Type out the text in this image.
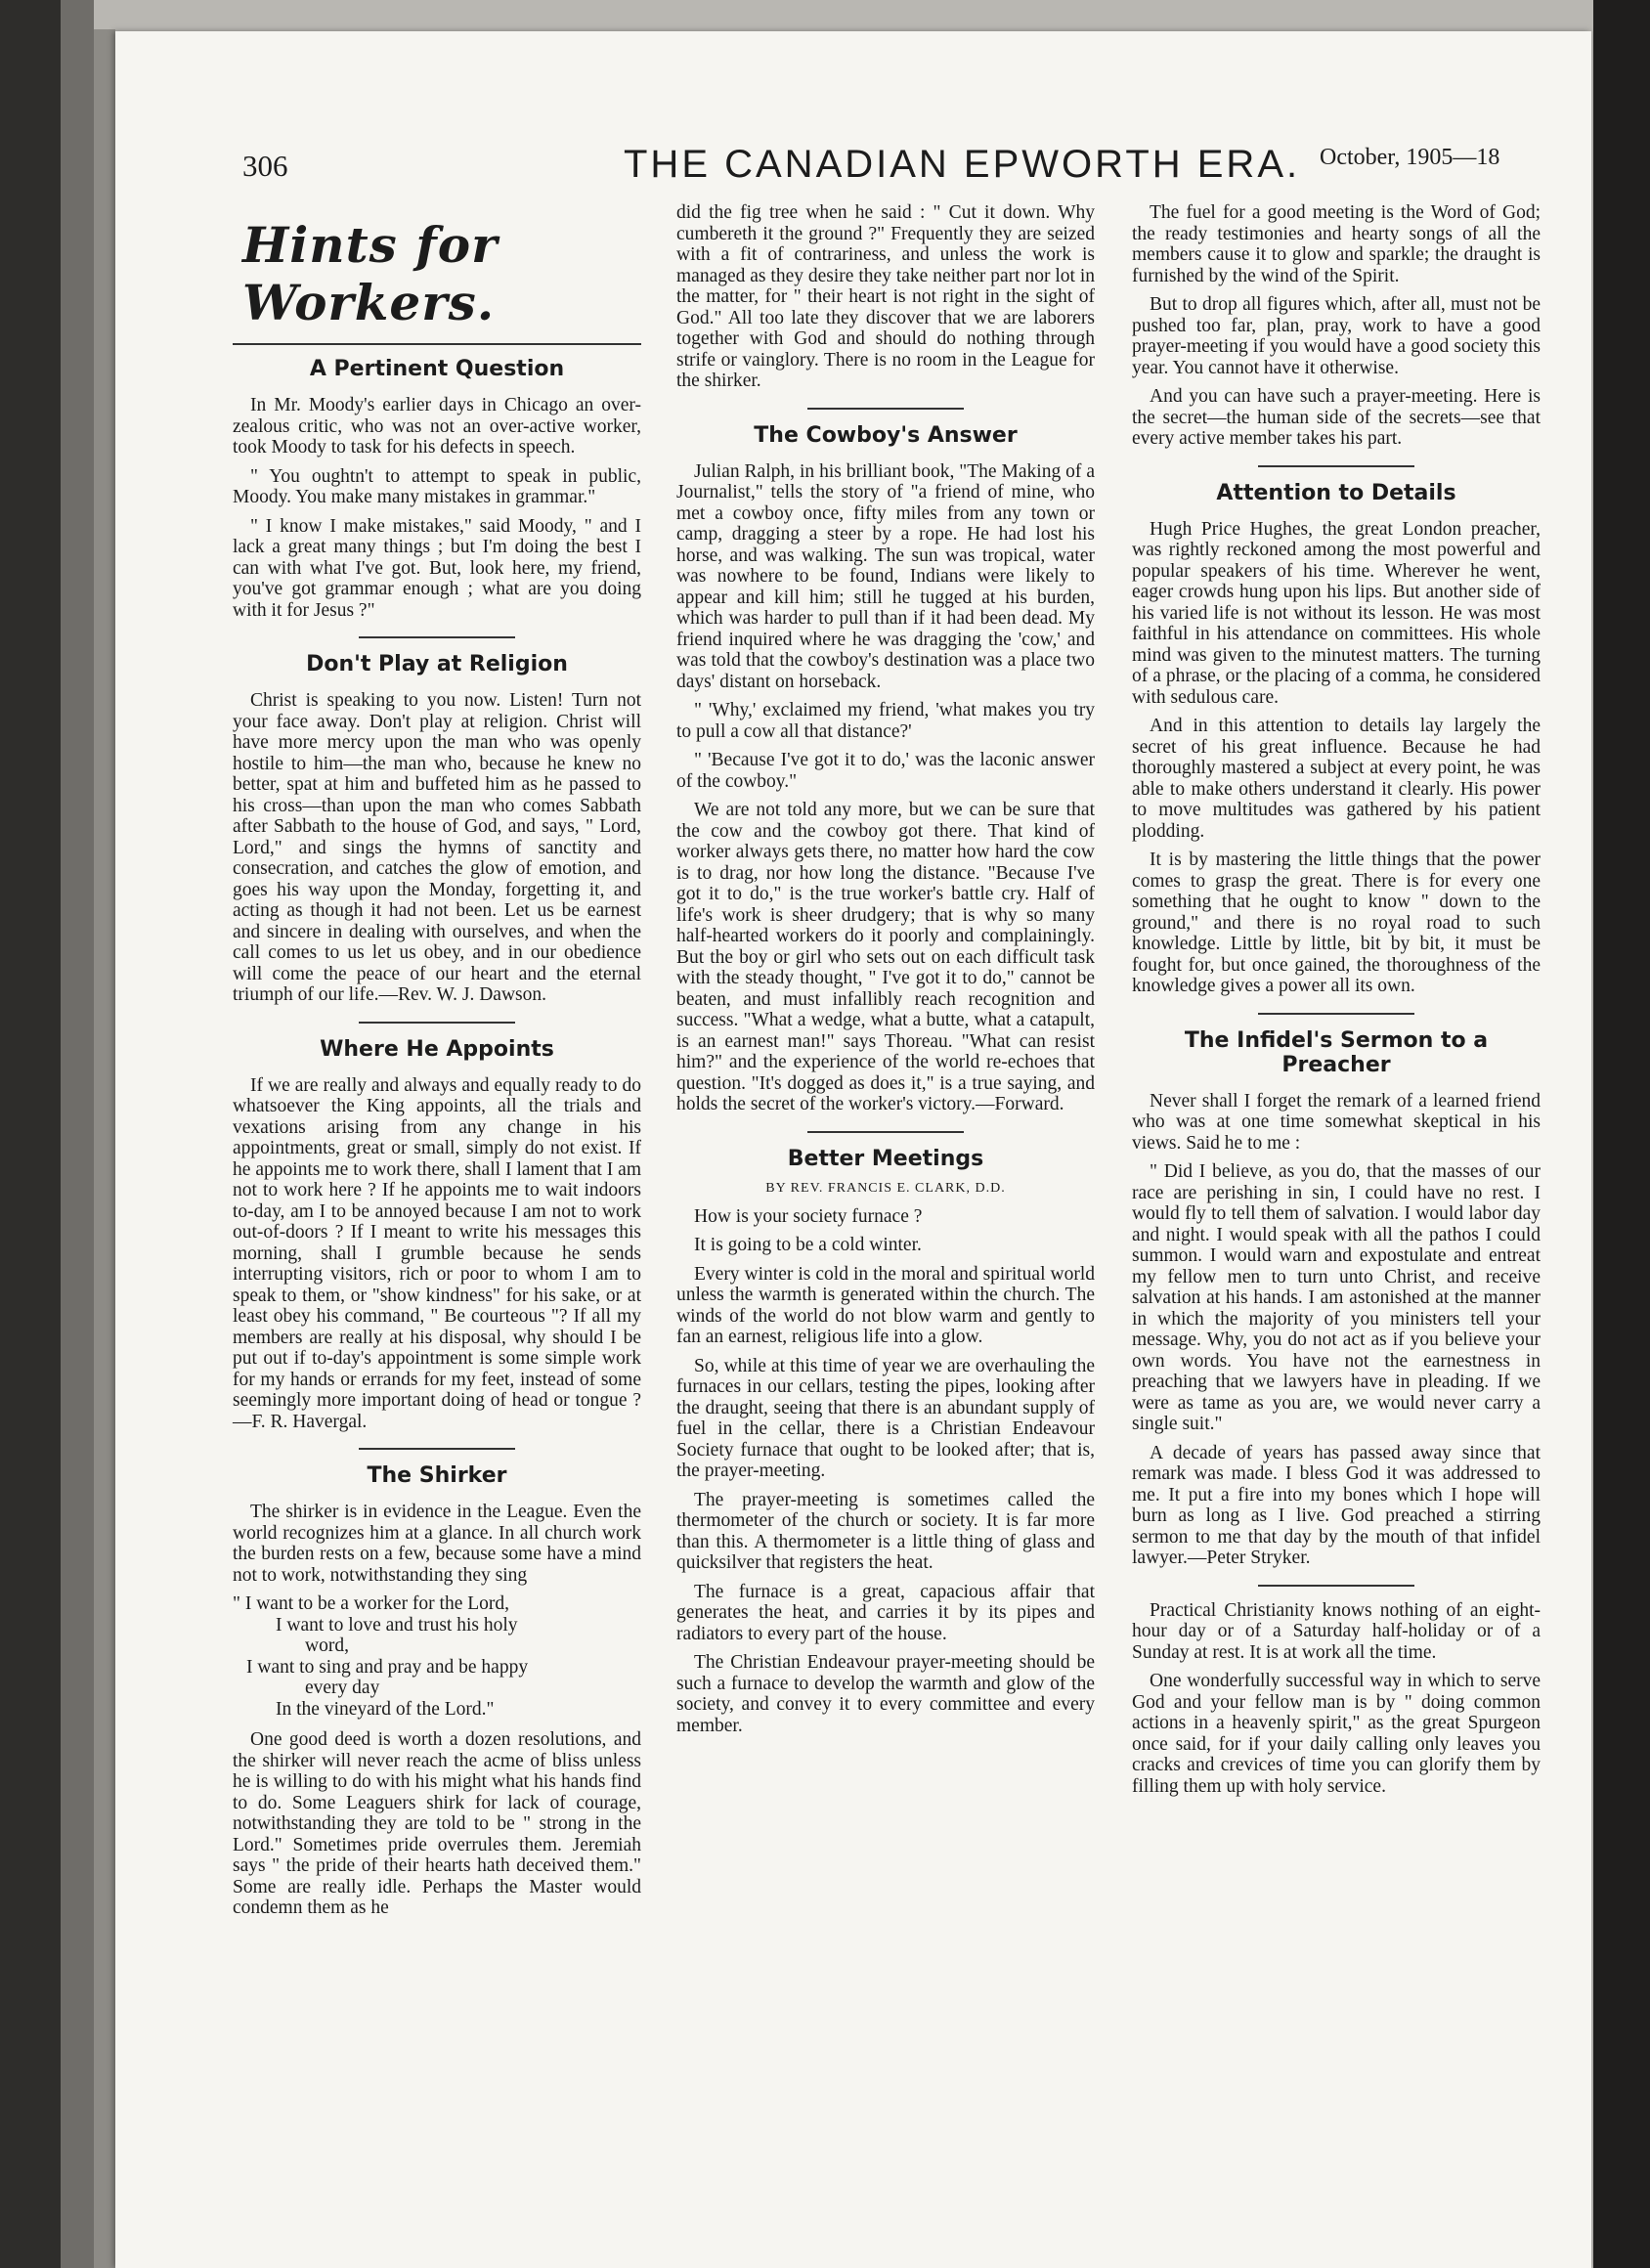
306	THE CANADIAN EPWORTH ERA. October, 1905—18
Hints for Workers.
A Pertinent Question

In Mr. Moody's earlier days in Chicago an over-zealous critic, who was not an over-active worker, took Moody to task for his defects in speech.

" You oughtn't to attempt to speak in public, Moody. You make many mistakes in grammar."

" I know I make mistakes," said Moody, " and I lack a great many things ; but I'm doing the best I can with what I've got. But, look here, my friend, you've got grammar enough ; what are you doing with it for Jesus ?"

Don't Play at Religion

Christ is speaking to you now. Listen! Turn not your face away. Don't play at religion. Christ will have more mercy upon the man who was openly hostile to him—the man who, because he knew no better, spat at him and buffeted him as he passed to his cross—than upon the man who comes Sabbath after Sabbath to the house of God, and says, " Lord, Lord," and sings the hymns of sanctity and consecration, and catches the glow of emotion, and goes his way upon the Monday, forgetting it, and acting as though it had not been. Let us be earnest and sincere in dealing with ourselves, and when the call comes to us let us obey, and in our obedience will come the peace of our heart and the eternal triumph of our life.—Rev. W. J. Dawson.

Where He Appoints

If we are really and always and equally ready to do whatsoever the King appoints, all the trials and vexations arising from any change in his appointments, great or small, simply do not exist. If he appoints me to work there, shall I lament that I am not to work here ? If he appoints me to wait indoors to-day, am I to be annoyed because I am not to work out-of-doors ? If I meant to write his messages this morning, shall I grumble because he sends interrupting visitors, rich or poor to whom I am to speak to them, or "show kindness" for his sake, or at least obey his command, " Be courteous "? If all my members are really at his disposal, why should I be put out if to-day's appointment is some simple work for my hands or errands for my feet, instead of some seemingly more important doing of head or tongue ?—F. R. Havergal.

The Shirker

The shirker is in evidence in the League. Even the world recognizes him at a glance. In all church work the burden rests on a few, because some have a mind not to work, notwithstanding they sing

" I want to be a worker for the Lord,
I want to love and trust his holy
word,
I want to sing and pray and be happy
every day
In the vineyard of the Lord."

One good deed is worth a dozen resolutions, and the shirker will never reach the acme of bliss unless he is willing to do with his might what his hands find to do. Some Leaguers shirk for lack of courage, notwithstanding they are told to be " strong in the Lord." Sometimes pride overrules them. Jeremiah says " the pride of their hearts hath deceived them." Some are really idle. Perhaps the Master would condemn them as he

did the fig tree when he said : " Cut it down. Why cumbereth it the ground ?" Frequently they are seized with a fit of contrariness, and unless the work is managed as they desire they take neither part nor lot in the matter, for " their heart is not right in the sight of God." All too late they discover that we are laborers together with God and should do nothing through strife or vainglory. There is no room in the League for the shirker.

The Cowboy's Answer

Julian Ralph, in his brilliant book, "The Making of a Journalist," tells the story of "a friend of mine, who met a cowboy once, fifty miles from any town or camp, dragging a steer by a rope. He had lost his horse, and was walking. The sun was tropical, water was nowhere to be found, Indians were likely to appear and kill him; still he tugged at his burden, which was harder to pull than if it had been dead. My friend inquired where he was dragging the 'cow,' and was told that the cowboy's destination was a place two days' distant on horseback.

" 'Why,' exclaimed my friend, 'what makes you try to pull a cow all that distance?'

" 'Because I've got it to do,' was the laconic answer of the cowboy."

We are not told any more, but we can be sure that the cow and the cowboy got there. That kind of worker always gets there, no matter how hard the cow is to drag, nor how long the distance. "Because I've got it to do," is the true worker's battle cry. Half of life's work is sheer drudgery; that is why so many half-hearted workers do it poorly and complainingly. But the boy or girl who sets out on each difficult task with the steady thought, " I've got it to do," cannot be beaten, and must infallibly reach recognition and success. "What a wedge, what a butte, what a catapult, is an earnest man!" says Thoreau. "What can resist him?" and the experience of the world re-echoes that question. "It's dogged as does it," is a true saying, and holds the secret of the worker's victory.—Forward.

Better Meetings
BY REV. FRANCIS E. CLARK, D.D.

How is your society furnace ?

It is going to be a cold winter.

Every winter is cold in the moral and spiritual world unless the warmth is generated within the church. The winds of the world do not blow warm and gently to fan an earnest, religious life into a glow.

So, while at this time of year we are overhauling the furnaces in our cellars, testing the pipes, looking after the draught, seeing that there is an abundant supply of fuel in the cellar, there is a Christian Endeavour Society furnace that ought to be looked after; that is, the prayer-meeting.

The prayer-meeting is sometimes called the thermometer of the church or society. It is far more than this. A thermometer is a little thing of glass and quicksilver that registers the heat.

The furnace is a great, capacious affair that generates the heat, and carries it by its pipes and radiators to every part of the house.

The Christian Endeavour prayer-meeting should be such a furnace to develop the warmth and glow of the society, and convey it to every committee and every member.

The fuel for a good meeting is the Word of God; the ready testimonies and hearty songs of all the members cause it to glow and sparkle; the draught is furnished by the wind of the Spirit.

But to drop all figures which, after all, must not be pushed too far, plan, pray, work to have a good prayer-meeting if you would have a good society this year. You cannot have it otherwise.

And you can have such a prayer-meeting. Here is the secret—the human side of the secrets—see that every active member takes his part.

Attention to Details

Hugh Price Hughes, the great London preacher, was rightly reckoned among the most powerful and popular speakers of his time. Wherever he went, eager crowds hung upon his lips. But another side of his varied life is not without its lesson. He was most faithful in his attendance on committees. His whole mind was given to the minutest matters. The turning of a phrase, or the placing of a comma, he considered with sedulous care.

And in this attention to details lay largely the secret of his great influence. Because he had thoroughly mastered a subject at every point, he was able to make others understand it clearly. His power to move multitudes was gathered by his patient plodding.

It is by mastering the little things that the power comes to grasp the great. There is for every one something that he ought to know " down to the ground," and there is no royal road to such knowledge. Little by little, bit by bit, it must be fought for, but once gained, the thoroughness of the knowledge gives a power all its own.

The Infidel's Sermon to a Preacher

Never shall I forget the remark of a learned friend who was at one time somewhat skeptical in his views. Said he to me :

" Did I believe, as you do, that the masses of our race are perishing in sin, I could have no rest. I would fly to tell them of salvation. I would labor day and night. I would speak with all the pathos I could summon. I would warn and expostulate and entreat my fellow men to turn unto Christ, and receive salvation at his hands. I am astonished at the manner in which the majority of you ministers tell your message. Why, you do not act as if you believe your own words. You have not the earnestness in preaching that we lawyers have in pleading. If we were as tame as you are, we would never carry a single suit."

A decade of years has passed away since that remark was made. I bless God it was addressed to me. It put a fire into my bones which I hope will burn as long as I live. God preached a stirring sermon to me that day by the mouth of that infidel lawyer.—Peter Stryker.

Practical Christianity knows nothing of an eight-hour day or of a Saturday half-holiday or of a Sunday at rest. It is at work all the time.

One wonderfully successful way in which to serve God and your fellow man is by " doing common actions in a heavenly spirit," as the great Spurgeon once said, for if your daily calling only leaves you cracks and crevices of time you can glorify them by filling them up with holy service.
